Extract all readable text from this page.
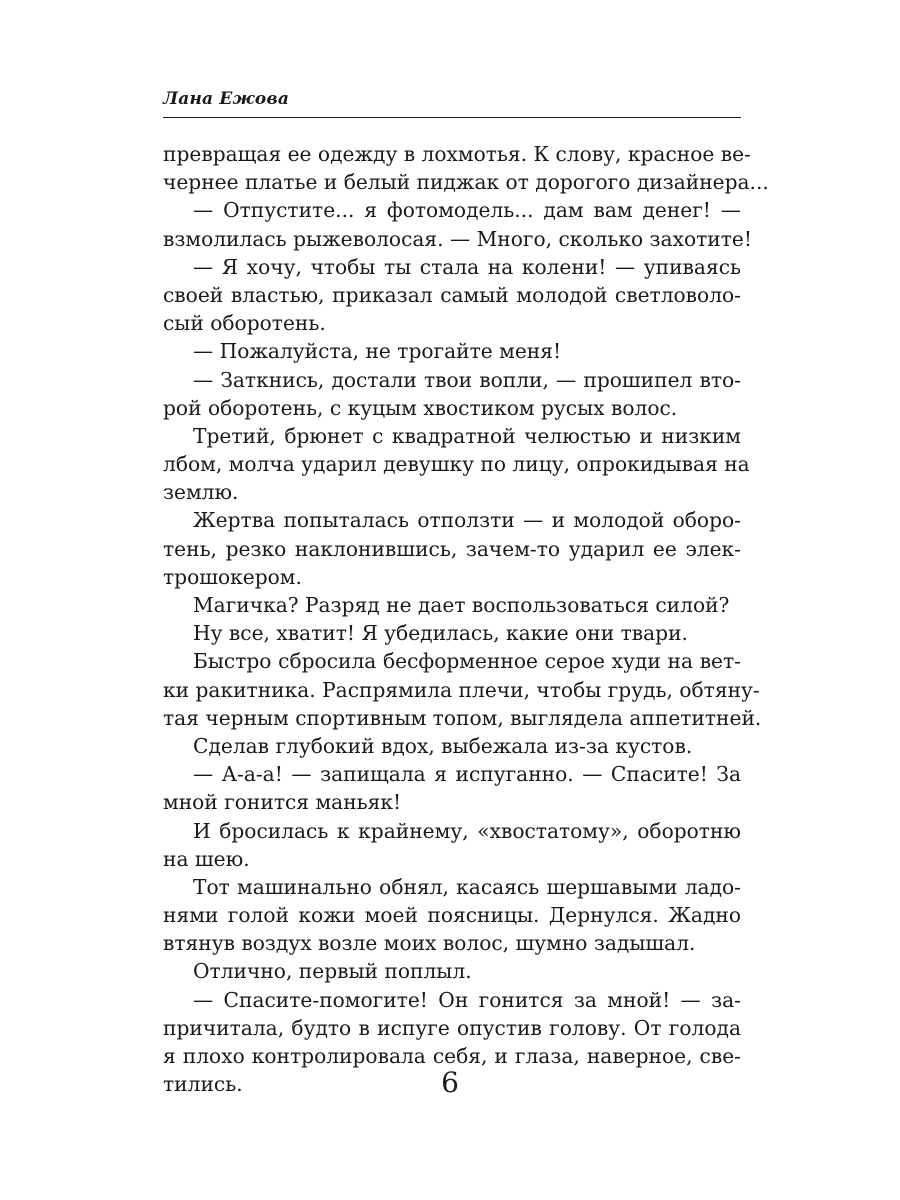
Лана Ежова
превращая ее одежду в лохмотья. К слову, красное ве-
чернее платье и белый пиджак от дорогого дизайнера...
— Отпустите... я фотомодель... дам вам денег! —
взмолилась рыжеволосая. — Много, сколько захотите!
— Я хочу, чтобы ты стала на колени! — упиваясь
своей властью, приказал самый молодой светловоло-
сый оборотень.
— Пожалуйста, не трогайте меня!
— Заткнись, достали твои вопли, — прошипел вто-
рой оборотень, с куцым хвостиком русых волос.
Третий, брюнет с квадратной челюстью и низким
лбом, молча ударил девушку по лицу, опрокидывая на
землю.
Жертва попыталась отползти — и молодой оборо-
тень, резко наклонившись, зачем-то ударил ее элек-
трошокером.
Магичка? Разряд не дает воспользоваться силой?
Ну все, хватит! Я убедилась, какие они твари.
Быстро сбросила бесформенное серое худи на вет-
ки ракитника. Распрямила плечи, чтобы грудь, обтяну-
тая черным спортивным топом, выглядела аппетитней.
Сделав глубокий вдох, выбежала из-за кустов.
— А-а-а! — запищала я испуганно. — Спасите! За
мной гонится маньяк!
И бросилась к крайнему, «хвостатому», оборотню
на шею.
Тот машинально обнял, касаясь шершавыми ладо-
нями голой кожи моей поясницы. Дернулся. Жадно
втянув воздух возле моих волос, шумно задышал.
Отлично, первый поплыл.
— Спасите-помогите! Он гонится за мной! — за-
причитала, будто в испуге опустив голову. От голода
я плохо контролировала себя, и глаза, наверное, све-
тились.	6
